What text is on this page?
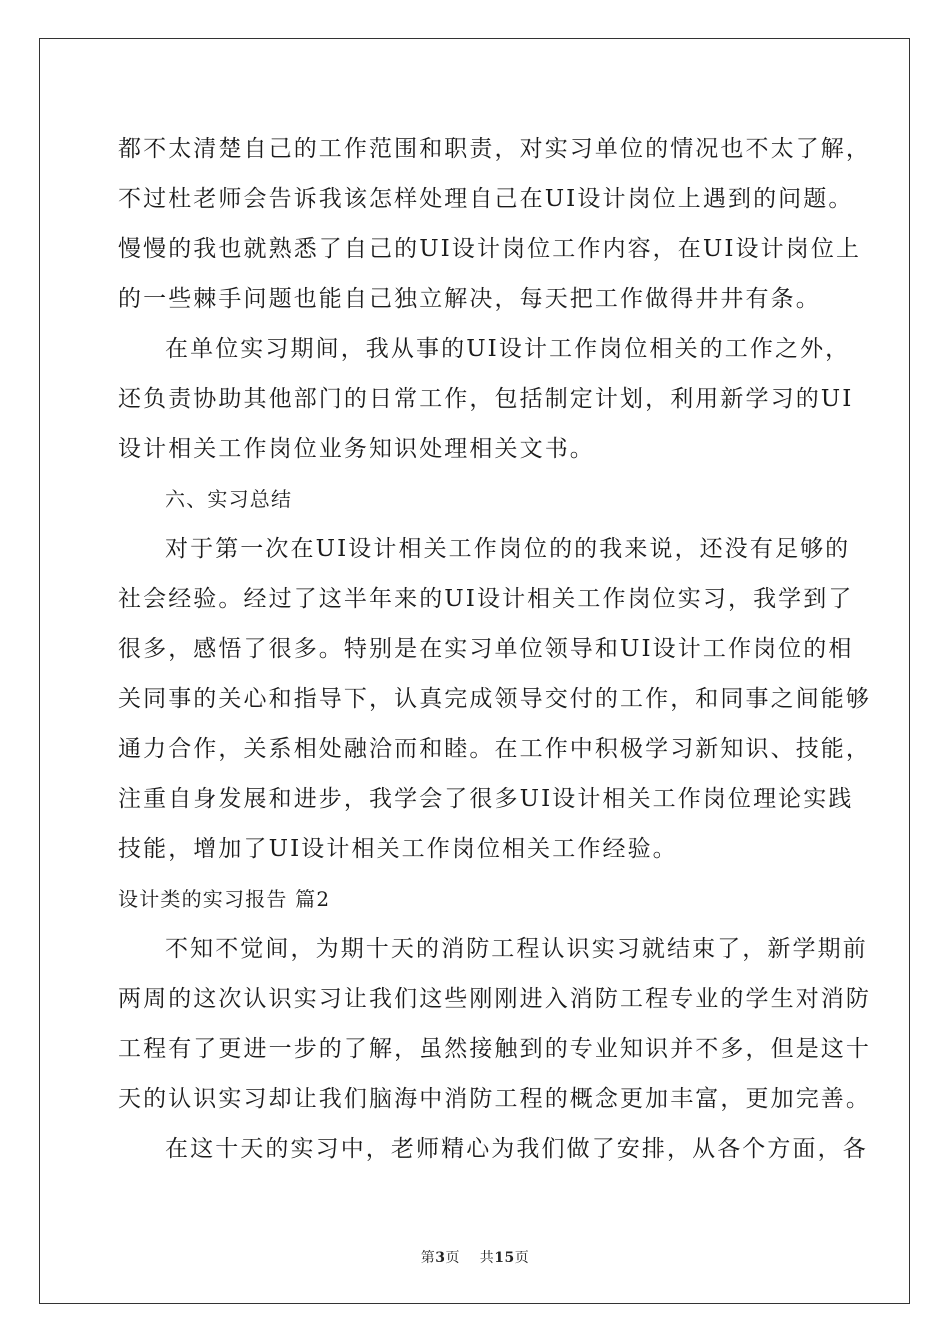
都不太清楚自己的工作范围和职责，对实习单位的情况也不太了解，
不过杜老师会告诉我该怎样处理自己在UI设计岗位上遇到的问题。
慢慢的我也就熟悉了自己的UI设计岗位工作内容，在UI设计岗位上
的一些棘手问题也能自己独立解决，每天把工作做得井井有条。
在单位实习期间，我从事的UI设计工作岗位相关的工作之外，
还负责协助其他部门的日常工作，包括制定计划，利用新学习的UI
设计相关工作岗位业务知识处理相关文书。
六、实习总结
对于第一次在UI设计相关工作岗位的的我来说，还没有足够的
社会经验。经过了这半年来的UI设计相关工作岗位实习，我学到了
很多，感悟了很多。特别是在实习单位领导和UI设计工作岗位的相
关同事的关心和指导下，认真完成领导交付的工作，和同事之间能够
通力合作，关系相处融洽而和睦。在工作中积极学习新知识、技能，
注重自身发展和进步，我学会了很多UI设计相关工作岗位理论实践
技能，增加了UI设计相关工作岗位相关工作经验。
设计类的实习报告 篇2
不知不觉间，为期十天的消防工程认识实习就结束了，新学期前
两周的这次认识实习让我们这些刚刚进入消防工程专业的学生对消防
工程有了更进一步的了解，虽然接触到的专业知识并不多，但是这十
天的认识实习却让我们脑海中消防工程的概念更加丰富，更加完善。
在这十天的实习中，老师精心为我们做了安排，从各个方面，各
第3页 共15页
